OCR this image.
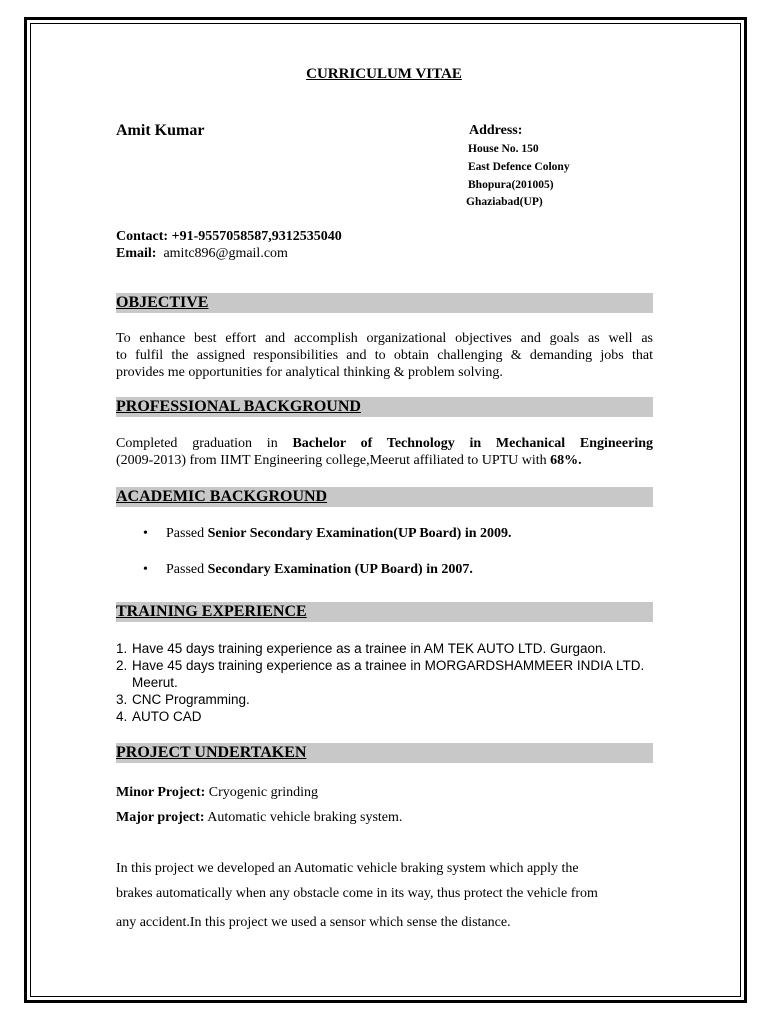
CURRICULUM VITAE
Amit Kumar	Address:
House No. 150
East Defence Colony
Bhopura(201005)
Ghaziabad(UP)
Contact: +91-9557058587,9312535040
Email: amitc896@gmail.com
OBJECTIVE
To enhance best effort and accomplish organizational objectives and goals as well as
to fulfil the assigned responsibilities and to obtain challenging & demanding jobs that
provides me opportunities for analytical thinking & problem solving.
PROFESSIONAL BACKGROUND
Completed graduation in Bachelor of Technology in Mechanical Engineering
(2009-2013) from IIMT Engineering college,Meerut affiliated to UPTU with 68%.
ACADEMIC BACKGROUND
• Passed Senior Secondary Examination(UP Board) in 2009.
• Passed Secondary Examination (UP Board) in 2007.
TRAINING EXPERIENCE
1. Have 45 days training experience as a trainee in AM TEK AUTO LTD. Gurgaon.
2. Have 45 days training experience as a trainee in MORGARDSHAMMEER INDIA LTD. Meerut.
3. CNC Programming.
4. AUTO CAD
PROJECT UNDERTAKEN
Minor Project: Cryogenic grinding
Major project: Automatic vehicle braking system.
In this project we developed an Automatic vehicle braking system which apply the
brakes automatically when any obstacle come in its way, thus protect the vehicle from
any accident.In this project we used a sensor which sense the distance.
